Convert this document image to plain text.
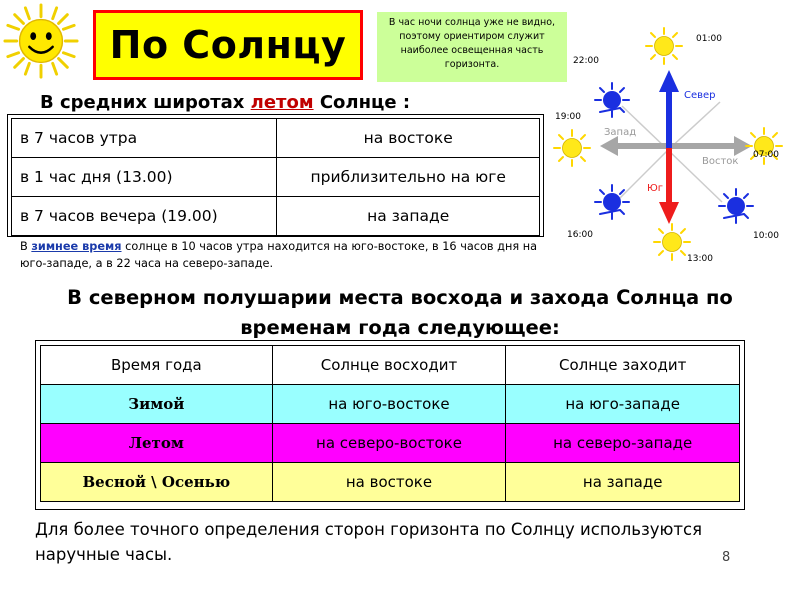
По Солнцу
В час ночи солнца уже не видно, поэтому ориентиром служит наиболее освещенная часть горизонта.
Север
Юг
Запад
Восток
01:00
22:00
19:00
07:00
16:00	10:00
13:00
В средних широтах летом Солнце :
в 7 часов утра	на востоке
в 1 час дня (13.00)	приблизительно на юге
в 7 часов вечера (19.00)	на западе
В зимнее время солнце в 10 часов утра находится на юго-востоке, в 16 часов дня на юго-западе, а в 22 часа на северо-западе.
В северном полушарии места восхода и захода Солнца по
временам года следующее:
Время года	Солнце восходит	Солнце заходит
Зимой	на юго-востоке	на юго-западе
Летом	на северо-востоке	на северо-западе
Весной \ Осенью	на востоке	на западе
Для более точного определения сторон горизонта по Солнцу используются наручные часы.	8
